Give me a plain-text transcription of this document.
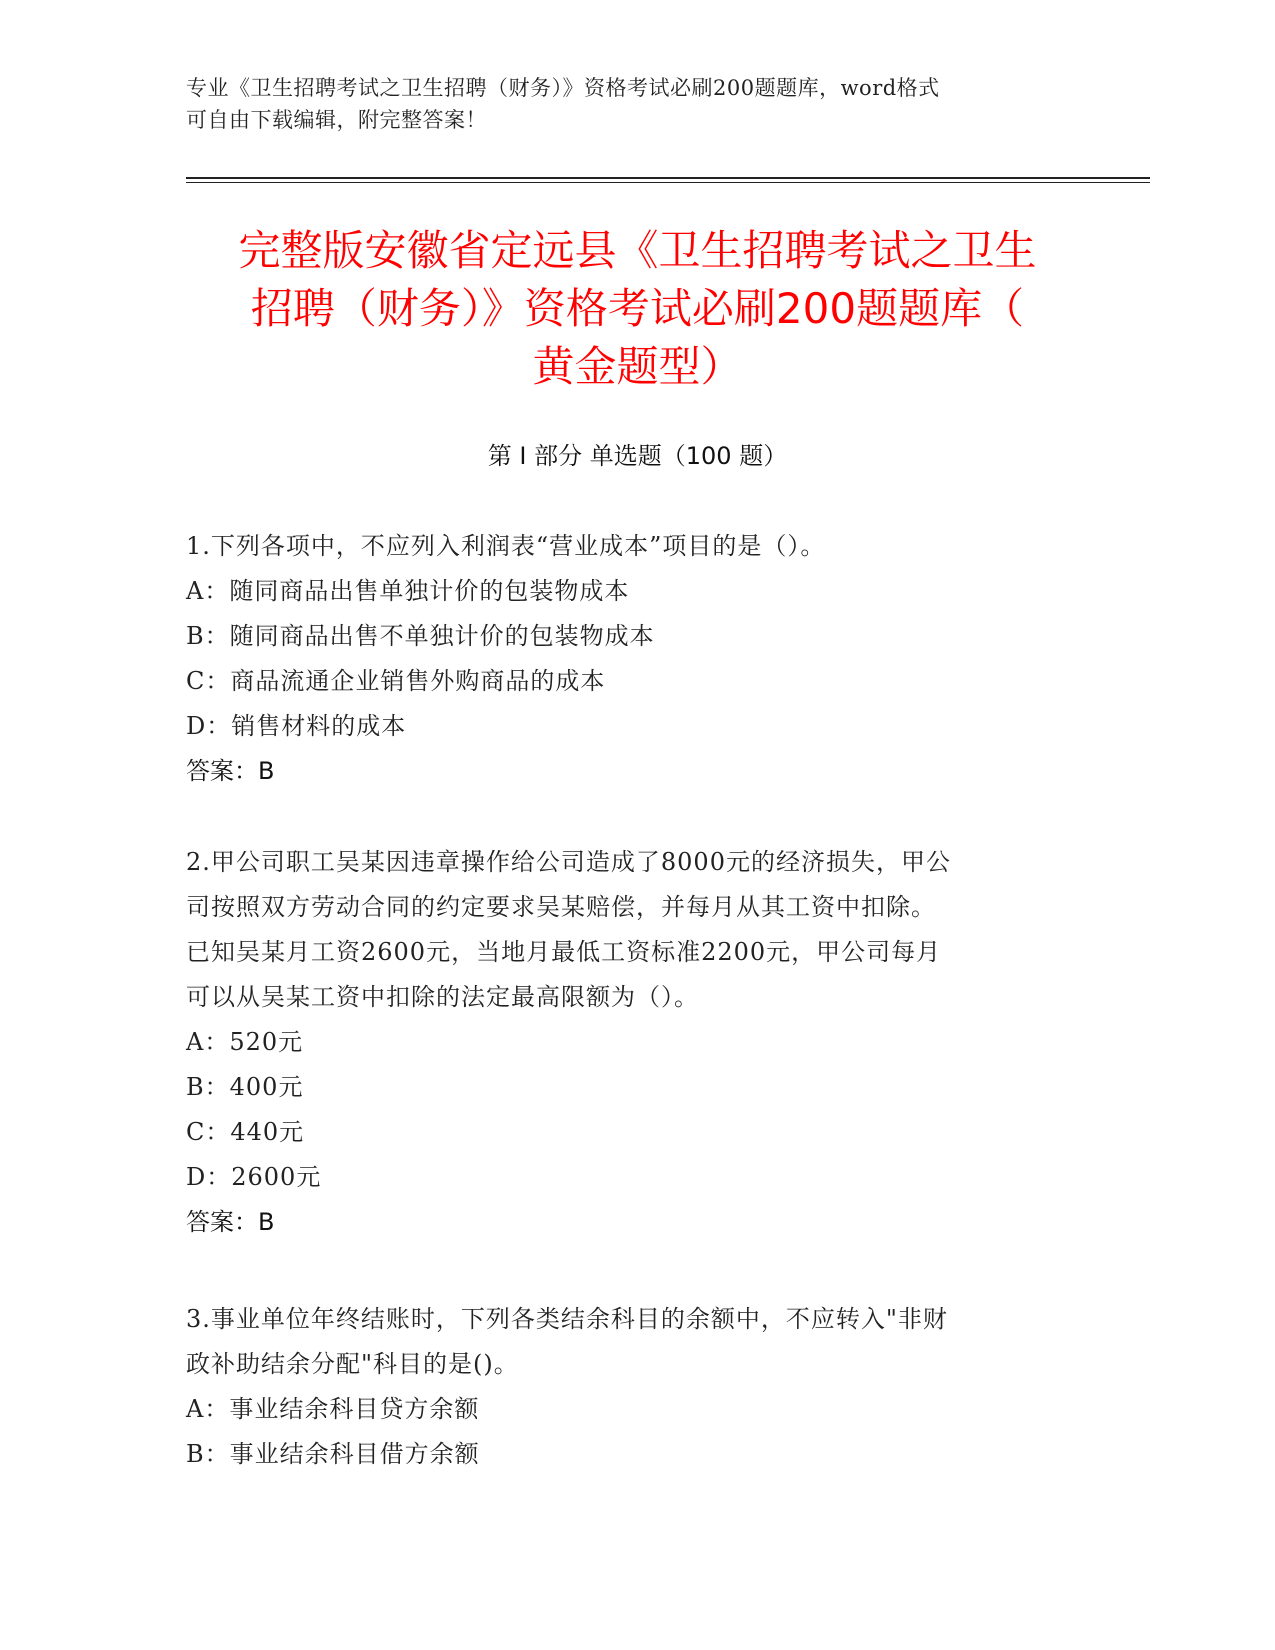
专业《卫生招聘考试之卫生招聘（财务）》资格考试必刷200题题库，word格式
可自由下载编辑，附完整答案！
完整版安徽省定远县《卫生招聘考试之卫生
招聘（财务）》资格考试必刷200题题库（
黄金题型）
第 I 部分 单选题（100 题）
1.下列各项中，不应列入利润表“营业成本”项目的是（）。
A：随同商品出售单独计价的包装物成本
B：随同商品出售不单独计价的包装物成本
C：商品流通企业销售外购商品的成本
D：销售材料的成本
答案：B
2.甲公司职工吴某因违章操作给公司造成了8000元的经济损失，甲公
司按照双方劳动合同的约定要求吴某赔偿，并每月从其工资中扣除。
已知吴某月工资2600元，当地月最低工资标准2200元，甲公司每月
可以从吴某工资中扣除的法定最高限额为（）。
A：520元
B：400元
C：440元
D：2600元
答案：B
3.事业单位年终结账时，下列各类结余科目的余额中，不应转入"非财
政补助结余分配"科目的是()。
A：事业结余科目贷方余额
B：事业结余科目借方余额
